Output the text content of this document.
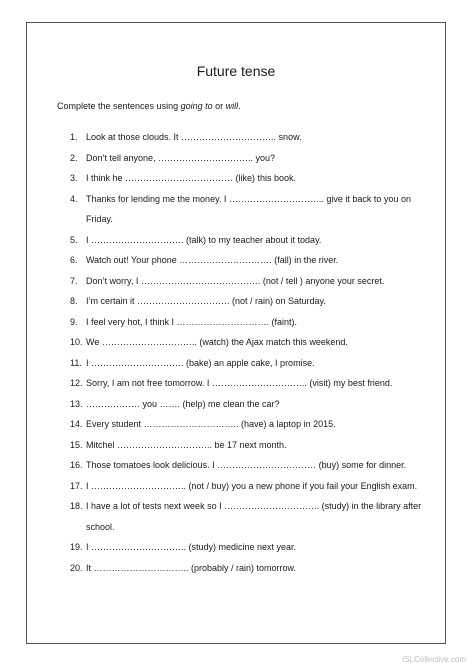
Future tense
Complete the sentences using going to or will.
1. Look at those clouds. It ………………………….. snow.
2. Don’t tell anyone, ………………………….. you?
3. I think he ……………………………… (like) this book.
4. Thanks for lending me the money. I ………………………….. give it back to you on Friday.
5. I …………………………. (talk) to my teacher about it today.
6. Watch out! Your phone …………………………. (fall) in the river.
7. Don’t worry, I …………………………………. (not / tell ) anyone your secret.
8. I’m certain it …………………………. (not / rain) on Saturday.
9. I feel very hot, I think I …………………………. (faint).
10. We ………………………….. (watch) the Ajax match this weekend.
11. I …………………………. (bake) an apple cake, I promise.
12. Sorry, I am not free tomorrow. I ………………………….. (visit) my best friend.
13. ……………… you ……. (help) me clean the car?
14. Every student ………………………….. (have) a laptop in 2015.
15. Mitchel ………………………….. be 17 next month.
16. Those tomatoes look delicious. I …………………………… (buy) some for dinner.
17. I ………………………….. (not / buy) you a new phone if you fail your English exam.
18. I have a lot of tests next week so I ………………………….. (study) in the library after school.
19. I ………………………….. (study) medicine next year.
20. It ………………………….. (probably / rain) tomorrow.
ISLCollective.com
